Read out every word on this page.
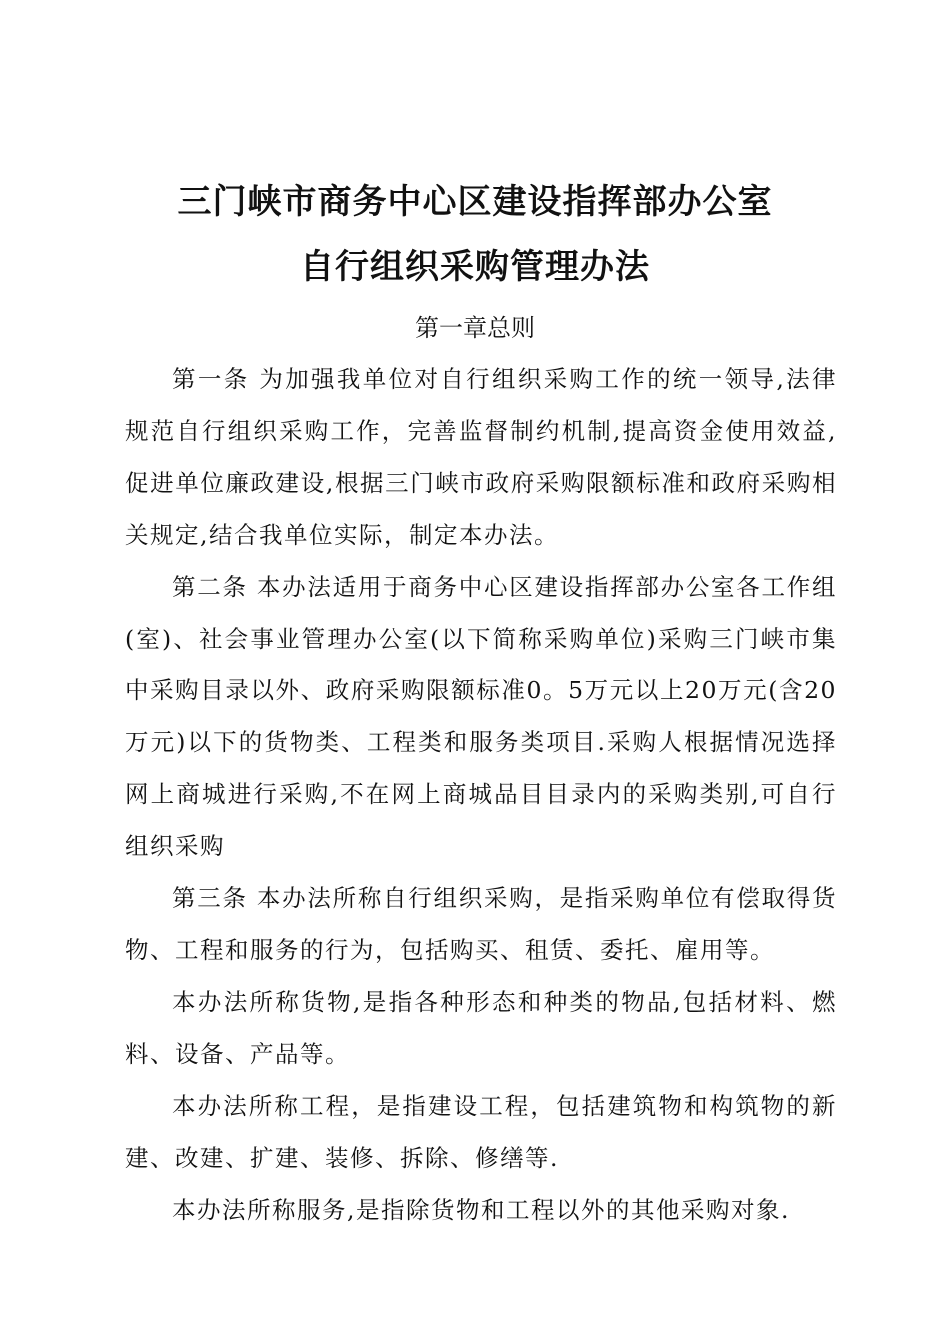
三门峡市商务中心区建设指挥部办公室
自行组织采购管理办法
第一章总则

第一条 为加强我单位对自行组织采购工作的统一领导,法律规范自行组织采购工作，完善监督制约机制,提高资金使用效益,促进单位廉政建设,根据三门峡市政府采购限额标准和政府采购相关规定,结合我单位实际，制定本办法。

第二条 本办法适用于商务中心区建设指挥部办公室各工作组(室)、社会事业管理办公室(以下简称采购单位)采购三门峡市集中采购目录以外、政府采购限额标准0。5万元以上20万元(含20万元)以下的货物类、工程类和服务类项目.采购人根据情况选择网上商城进行采购,不在网上商城品目目录内的采购类别,可自行组织采购

第三条 本办法所称自行组织采购，是指采购单位有偿取得货物、工程和服务的行为，包括购买、租赁、委托、雇用等。

本办法所称货物,是指各种形态和种类的物品,包括材料、燃料、设备、产品等。

本办法所称工程，是指建设工程，包括建筑物和构筑物的新建、改建、扩建、装修、拆除、修缮等.

本办法所称服务,是指除货物和工程以外的其他采购对象.
